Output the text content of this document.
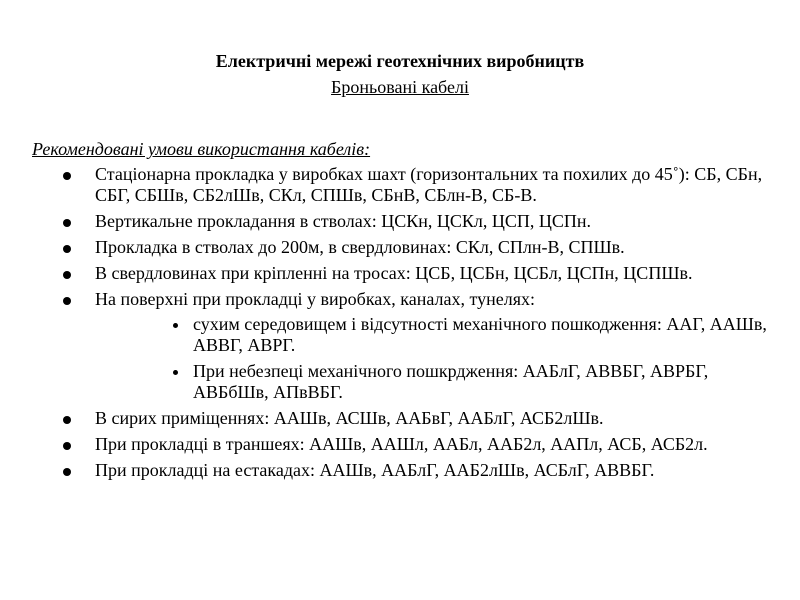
Електричні мережі геотехнічних виробництв
Броньовані кабелі
Рекомендовані умови використання кабелів:
Стаціонарна прокладка у виробках шахт (горизонтальних та похилих до 45˚): СБ, СБн, СБГ, СБШв, СБ2лШв, СКл, СПШв, СБнВ, СБлн-В, СБ-В.
Вертикальне прокладання в стволах: ЦСКн, ЦСКл, ЦСП, ЦСПн.
Прокладка в стволах до 200м, в свердловинах: СКл, СПлн-В, СПШв.
В свердловинах при кріпленні на тросах: ЦСБ, ЦСБн, ЦСБл, ЦСПн, ЦСПШв.
На поверхні при прокладці у виробках, каналах, тунелях:
сухим середовищем і відсутності механічного пошкодження: ААГ, ААШв, АВВГ, АВРГ.
При небезпеці механічного пошкрдження: ААБлГ, АВВБГ, АВРБГ, АВБбШв, АПвВБГ.
В сирих приміщеннях: ААШв, АСШв, ААБвГ, ААБлГ, АСБ2лШв.
При прокладці в траншеях: ААШв, ААШл, ААБл, ААБ2л, ААПл, АСБ, АСБ2л.
При прокладці на естакадах: ААШв, ААБлГ, ААБ2лШв, АСБлГ, АВВБГ.
